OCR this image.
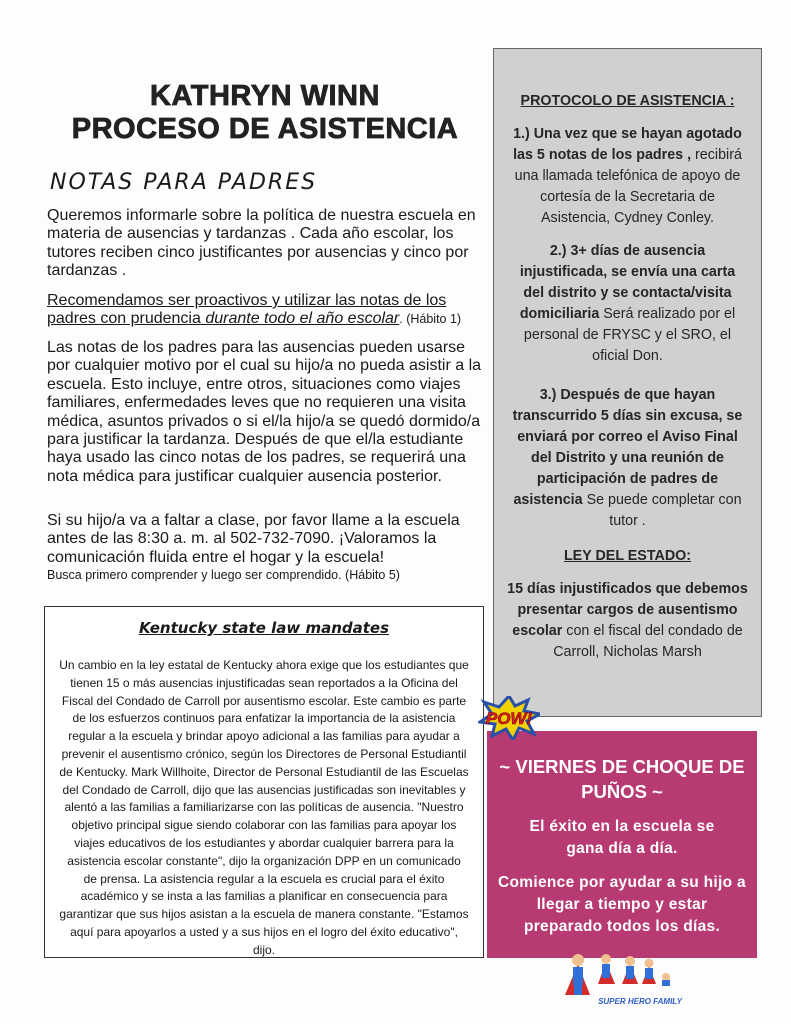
KATHRYN WINN
PROCESO DE ASISTENCIA
NOTAS PARA PADRES
Queremos informarle sobre la política de nuestra escuela en materia de ausencias y tardanzas . Cada año escolar, los tutores reciben cinco justificantes por ausencias y cinco por tardanzas .
Recomendamos ser proactivos y utilizar las notas de los padres con prudencia durante todo el año escolar. (Hábito 1)
Las notas de los padres para las ausencias pueden usarse por cualquier motivo por el cual su hijo/a no pueda asistir a la escuela. Esto incluye, entre otros, situaciones como viajes familiares, enfermedades leves que no requieren una visita médica, asuntos privados o si el/la hijo/a se quedó dormido/a para justificar la tardanza. Después de que el/la estudiante haya usado las cinco notas de los padres, se requerirá una nota médica para justificar cualquier ausencia posterior.
Si su hijo/a va a faltar a clase, por favor llame a la escuela antes de las 8:30 a. m. al 502-732-7090. ¡Valoramos la comunicación fluida entre el hogar y la escuela!
Busca primero comprender y luego ser comprendido. (Hábito 5)
Kentucky state law mandates
Un cambio en la ley estatal de Kentucky ahora exige que los estudiantes que tienen 15 o más ausencias injustificadas sean reportados a la Oficina del Fiscal del Condado de Carroll por ausentismo escolar. Este cambio es parte de los esfuerzos continuos para enfatizar la importancia de la asistencia regular a la escuela y brindar apoyo adicional a las familias para ayudar a prevenir el ausentismo crónico, según los Directores de Personal Estudiantil de Kentucky. Mark Willhoite, Director de Personal Estudiantil de las Escuelas del Condado de Carroll, dijo que las ausencias justificadas son inevitables y alentó a las familias a familiarizarse con las políticas de ausencia. "Nuestro objetivo principal sigue siendo colaborar con las familias para apoyar los viajes educativos de los estudiantes y abordar cualquier barrera para la asistencia escolar constante", dijo la organización DPP en un comunicado de prensa. La asistencia regular a la escuela es crucial para el éxito académico y se insta a las familias a planificar en consecuencia para garantizar que sus hijos asistan a la escuela de manera constante. "Estamos aquí para apoyarlos a usted y a sus hijos en el logro del éxito educativo", dijo.
PROTOCOLO DE ASISTENCIA :
1.) Una vez que se hayan agotado las 5 notas de los padres , recibirá una llamada telefónica de apoyo de cortesía de la Secretaria de Asistencia, Cydney Conley.
2.) 3+ días de ausencia injustificada, se envía una carta del distrito y se contacta/visita domiciliaria Será realizado por el personal de FRYSC y el SRO, el oficial Don.
3.) Después de que hayan transcurrido 5 días sin excusa, se enviará por correo el Aviso Final del Distrito y una reunión de participación de padres de asistencia Se puede completar con tutor .
LEY DEL ESTADO:
15 días injustificados que debemos presentar cargos de ausentismo escolar con el fiscal del condado de Carroll, Nicholas Marsh
~ VIERNES DE CHOQUE DE PUÑOS ~
El éxito en la escuela se gana día a día.
Comience por ayudar a su hijo a llegar a tiempo y estar preparado todos los días.
POW!
SUPER HERO FAMILY
